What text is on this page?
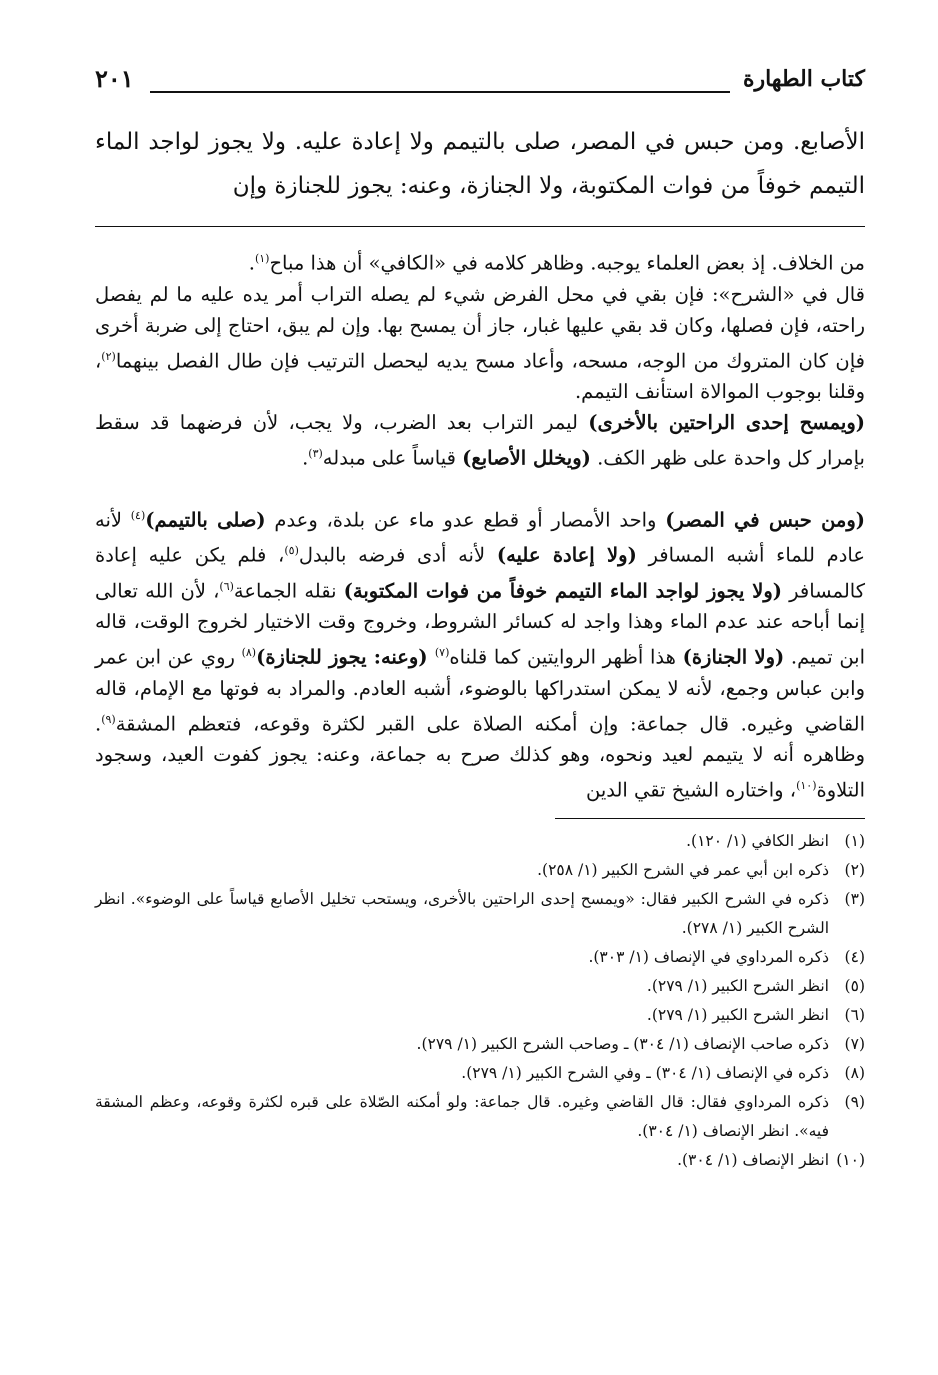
كتاب الطهارة
٢٠١
الأصابع. ومن حبس في المصر، صلى بالتيمم ولا إعادة عليه. ولا يجوز لواجد الماء التيمم خوفاً من فوات المكتوبة، ولا الجنازة، وعنه: يجوز للجنازة وإن

من الخلاف. إذ بعض العلماء يوجبه. وظاهر كلامه في «الكافي» أن هذا مباح$^{(١)}$.

قال في «الشرح»: فإن بقي في محل الفرض شيء لم يصله التراب أمر يده عليه ما لم يفصل راحته، فإن فصلها، وكان قد بقي عليها غبار، جاز أن يمسح بها. وإن لم يبق، احتاج إلى ضربة أخرى فإن كان المتروك من الوجه، مسحه، وأعاد مسح يديه ليحصل الترتيب فإن طال الفصل بينهما$^{(٢)}$، وقلنا بوجوب الموالاة استأنف التيمم.

(ويمسح إحدى الراحتين بالأخرى) ليمر التراب بعد الضرب، ولا يجب، لأن فرضهما قد سقط بإمرار كل واحدة على ظهر الكف. (ويخلل الأصابع) قياساً على مبدله$^{(٣)}$.

(ومن حبس في المصر) واحد الأمصار أو قطع عدو ماء عن بلدة، وعدم (صلى بالتيمم)$^{(٤)}$ لأنه عادم للماء أشبه المسافر (ولا إعادة عليه) لأنه أدى فرضه بالبدل$^{(٥)}$، فلم يكن عليه إعادة كالمسافر (ولا يجوز لواجد الماء التيمم خوفاً من فوات المكتوبة) نقله الجماعة$^{(٦)}$، لأن الله تعالى إنما أباحه عند عدم الماء وهذا واجد له كسائر الشروط، وخروج وقت الاختيار لخروج الوقت، قاله ابن تميم. (ولا الجنازة) هذا أظهر الروايتين كما قلناه$^{(٧)}$ (وعنه: يجوز للجنازة)$^{(٨)}$ روي عن ابن عمر وابن عباس وجمع، لأنه لا يمكن استدراكها بالوضوء، أشبه العادم. والمراد به فوتها مع الإمام، قاله القاضي وغيره. قال جماعة: وإن أمكنه الصلاة على القبر لكثرة وقوعه، فتعظم المشقة$^{(٩)}$. وظاهره أنه لا يتيمم لعيد ونحوه، وهو كذلك صرح به جماعة، وعنه: يجوز كفوت العيد، وسجود التلاوة$^{(١٠)}$، واختاره الشيخ تقي الدين

(١)
انظر الكافي (١/ ١٢٠).
(٢)
ذكره ابن أبي عمر في الشرح الكبير (١/ ٢٥٨).
(٣)
ذكره في الشرح الكبير فقال: «ويمسح إحدى الراحتين بالأخرى، ويستحب تخليل الأصابع قياساً على الوضوء». انظر الشرح الكبير (١/ ٢٧٨).
(٤)
ذكره المرداوي في الإنصاف (١/ ٣٠٣).
(٥)
انظر الشرح الكبير (١/ ٢٧٩).
(٦)
انظر الشرح الكبير (١/ ٢٧٩).
(٧)
ذكره صاحب الإنصاف (١/ ٣٠٤) ـ وصاحب الشرح الكبير (١/ ٢٧٩).
(٨)
ذكره في الإنصاف (١/ ٣٠٤) ـ وفي الشرح الكبير (١/ ٢٧٩).
(٩)
ذكره المرداوي فقال: قال القاضي وغيره. قال جماعة: ولو أمكنه الصّلاة على قبره لكثرة وقوعه، وعظم المشقة فيه». انظر الإنصاف (١/ ٣٠٤).
(١٠)
انظر الإنصاف (١/ ٣٠٤).
